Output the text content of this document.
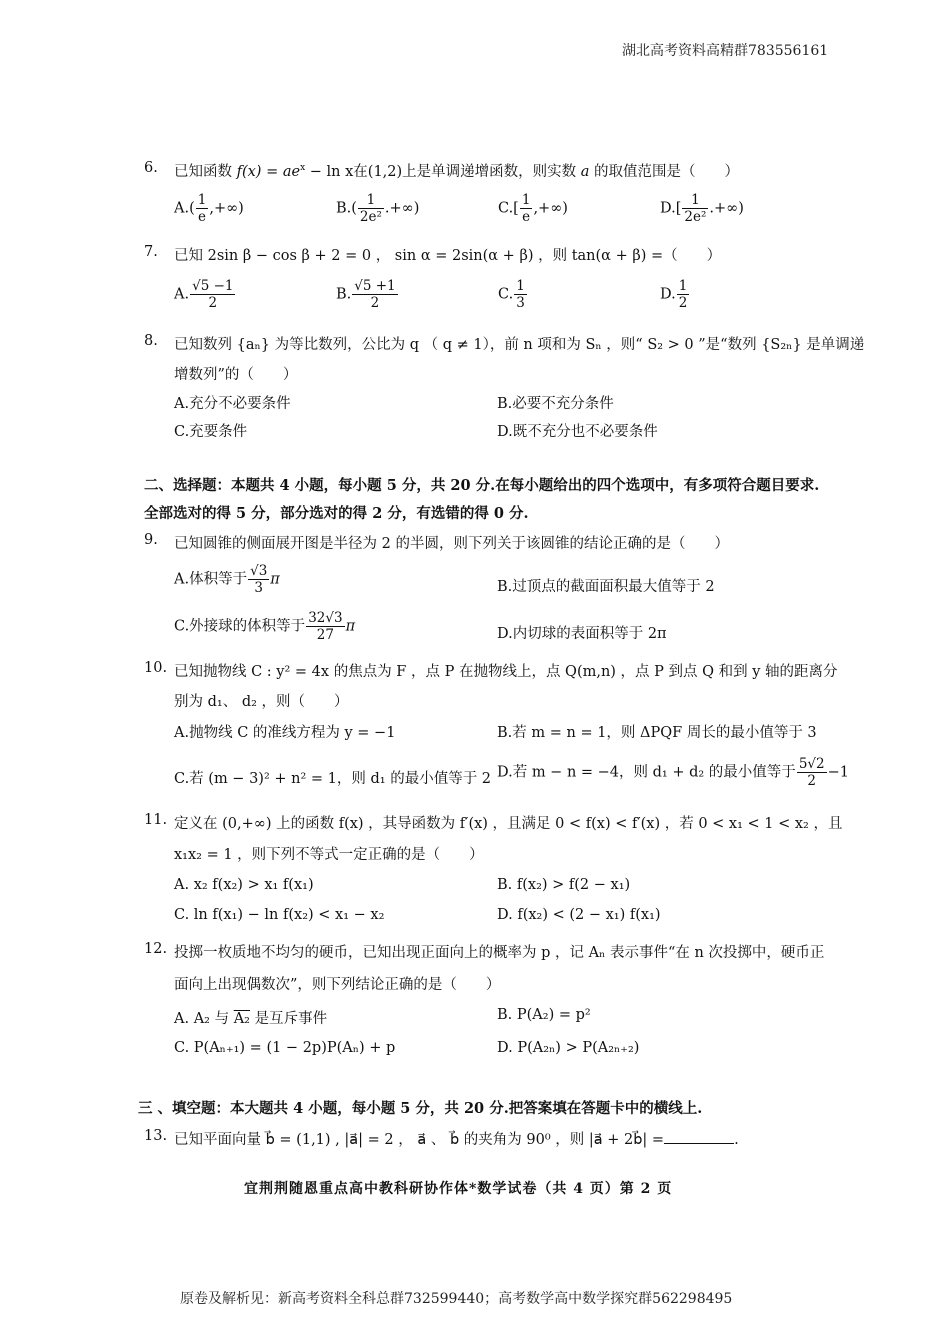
湖北高考资料高精群783556161
6. 已知函数 $f(x) = ae^x - \ln x$在(1,2)上是单调递增函数，则实数 a 的取值范围是（　　）
$A.( \frac{1}{e}$ ,+∞)	$B.( \frac{1}{\text{2e²}}$ .+∞)	$C.[ \frac{1}{e}$ ,+∞)	$D.[ \frac{1}{\text{2e²}}$ .+∞)
7. 已知 2sin β − cos β + 2 = 0 ， sin α = 2sin(α + β) ，则 tan(α + β) =（　　）
A. $\frac{√5 -1}{2}$	B. $\frac{√5 +1}{2}$	C. $\frac{1}{3}$	D. $\frac{1}{2}$
8. 已知数列 {aₙ} 为等比数列，公比为 q （ q ≠ 1），前 n 项和为 Sₙ ，则“ S₂ > 0 ”是“数列 {S₂ₙ} 是单调递
增数列”的（　　）
A.充分不必要条件	B.必要不充分条件
C.充要条件	D.既不充分也不必要条件
二、选择题：本题共 4 小题，每小题 5 分，共 20 分.在每小题给出的四个选项中，有多项符合题目要求.
全部选对的得 5 分，部分选对的得 2 分，有选错的得 0 分.
9. 已知圆锥的侧面展开图是半径为 2 的半圆，则下列关于该圆锥的结论正确的是（　　）
A.体积等于 $\frac{√3}{3}$ π	B.过顶点的截面面积最大值等于 2
C.外接球的体积等于 $\frac{32√3}{27}$ π	D.内切球的表面积等于 2π
10. 已知抛物线 C : y² = 4x 的焦点为 F ，点 P 在抛物线上，点 Q(m,n) ，点 P 到点 Q 和到 y 轴的距离分
别为 d₁、 d₂ ，则（　　）
A.抛物线 C 的准线方程为 y = −1	B.若 m = n = 1，则 ΔPQF 周长的最小值等于 3
C.若 (m − 3)² + n² = 1，则 d₁ 的最小值等于 2 D.若 m − n = −4，则 d₁ + d₂ 的最小值等于 $\frac{5√2}{2} -1$
11. 定义在 (0,+∞) 上的函数 f(x) ，其导函数为 f′(x) ，且满足 0 < f(x) < f′(x) ，若 0 < x₁ < 1 < x₂ ，且
x₁x₂ = 1 ，则下列不等式一定正确的是（　　）
A. x₂ f(x₂) > x₁ f(x₁)	B. f(x₂) > f(2 − x₁)
C. ln f(x₁) − ln f(x₂) < x₁ − x₂	D. f(x₂) < (2 − x₁) f(x₁)
12. 投掷一枚质地不均匀的硬币，已知出现正面向上的概率为 p ，记 Aₙ 表示事件“在 n 次投掷中，硬币正
面向上出现偶数次”，则下列结论正确的是（　　）
A. A₂ 与 A₂ 是互斥事件	B. P(A₂) = p²
C. P(Aₙ₊₁) = (1 − 2p)P(Aₙ) + p	D. P(A₂ₙ) > P(A₂ₙ₊₂)
三 、填空题：本大题共 4 小题，每小题 5 分，共 20 分.把答案填在答题卡中的横线上.
13. 已知平面向量 b⃗ = (1,1) , |a⃗| = 2 ， a⃗ 、 b⃗ 的夹角为 90⁰ ，则 |a⃗ + 2b⃗| =	.
宜荆荆随恩重点高中教科研协作体*数学试卷（共 4 页）第 2 页
原卷及解析见：新高考资料全科总群732599440；高考数学高中数学探究群562298495
